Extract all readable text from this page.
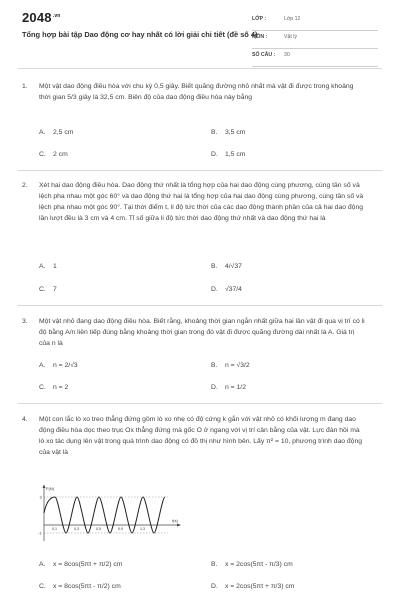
$2048^{.vn}$
Tổng hợp bài tập Dao động cơ hay nhất có lời giải chi tiết (đề số 4)
LỚP :	Lớp 12
MÔN :	Vật lý
SỐ CÂU : 30
1. Một vật dao động điều hòa với chu kỳ 0,5 giây. Biết quãng đường nhỏ nhất mà vật đi được trong khoảng thời gian 5/3 giây là 32,5 cm. Biên độ của dao động điều hòa này bằng
A. 2,5 cm	B. 3,5 cm
C. 2 cm	D. 1,5 cm
2. Xét hai dao động điều hòa. Dao động thứ nhất là tổng hợp của hai dao động cùng phương, cùng tần số và lệch pha nhau một góc 60° và dao động thứ hai là tổng hợp của hai dao động cùng phương, cùng tần số và lệch pha nhau một góc 90°. Tại thời điểm t, li độ tức thời của các dao động thành phần của cả hai dao động lần lượt đều là 3 cm và 4 cm. Tỉ số giữa li độ tức thời dao động thứ nhất và dao động thứ hai là
A. 1	B. 4/√37
C. 7	D. √37/4
3. Một vật nhỏ đang dao động điều hòa. Biết rằng, khoảng thời gian ngắn nhất giữa hai lần vật đi qua vị trí có li độ bằng A/n liên tiếp đúng bằng khoảng thời gian trong đó vật đi được quãng đường dài nhất là A. Giá trị của n là
A. n = 2/√3	B. n = √3/2
C. n = 2	D. n = 1/2
4. Một con lắc lò xo treo thẳng đứng gồm lò xo nhẹ có độ cứng k gắn với vật nhỏ có khối lượng m đang dao động điều hòa dọc theo trục Ox thẳng đứng mà gốc O ở ngang với vị trí cân bằng của vật. Lực đàn hồi mà lò xo tác dụng lên vật trong quá trình dao động có đồ thị như hình bên. Lấy π² = 10, phương trình dao động của vật là
F(N)
3
-1
t(s)
0,1	0,3	0,5	0,9	1,3
A. x = 8cos(5πt + π/2) cm	B. x = 2cos(5πt - π/3) cm
C. x = 8cos(5πt - π/2) cm	D. x = 2cos(5πt + π/3) cm
